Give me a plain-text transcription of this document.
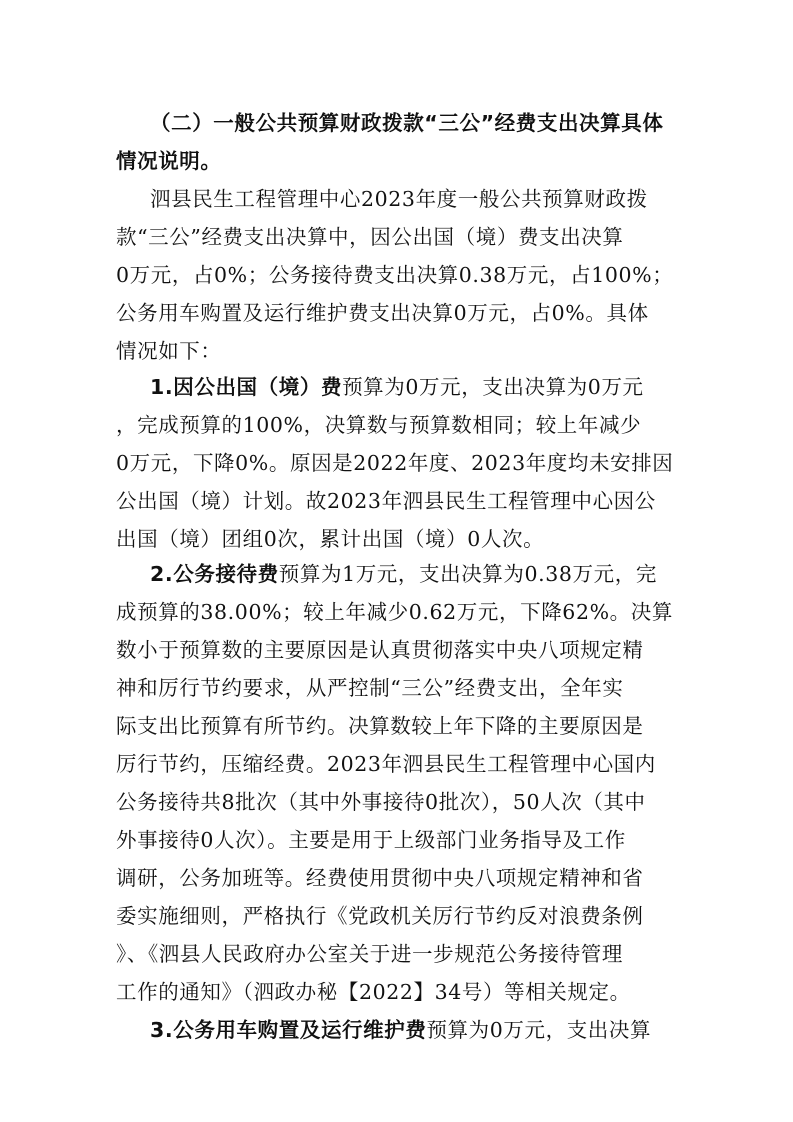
（二）一般公共预算财政拨款“三公”经费支出决算具体
情况说明。
泗县民生工程管理中心2023年度一般公共预算财政拨
款“三公”经费支出决算中，因公出国（境）费支出决算
0万元，占0%；公务接待费支出决算0.38万元，占100%；
公务用车购置及运行维护费支出决算0万元，占0%。具体
情况如下：
1.因公出国（境）费预算为0万元，支出决算为0万元
，完成预算的100%，决算数与预算数相同；较上年减少
0万元，下降0%。原因是2022年度、2023年度均未安排因
公出国（境）计划。故2023年泗县民生工程管理中心因公
出国（境）团组0次，累计出国（境）0人次。
2.公务接待费预算为1万元，支出决算为0.38万元，完
成预算的38.00%；较上年减少0.62万元，下降62%。决算
数小于预算数的主要原因是认真贯彻落实中央八项规定精
神和厉行节约要求，从严控制“三公”经费支出，全年实
际支出比预算有所节约。决算数较上年下降的主要原因是
厉行节约，压缩经费。2023年泗县民生工程管理中心国内
公务接待共8批次（其中外事接待0批次），50人次（其中
外事接待0人次）。主要是用于上级部门业务指导及工作
调研，公务加班等。经费使用贯彻中央八项规定精神和省
委实施细则，严格执行《党政机关厉行节约反对浪费条例
》、《泗县人民政府办公室关于进一步规范公务接待管理
工作的通知》（泗政办秘【2022】34号）等相关规定。
3.公务用车购置及运行维护费预算为0万元，支出决算
